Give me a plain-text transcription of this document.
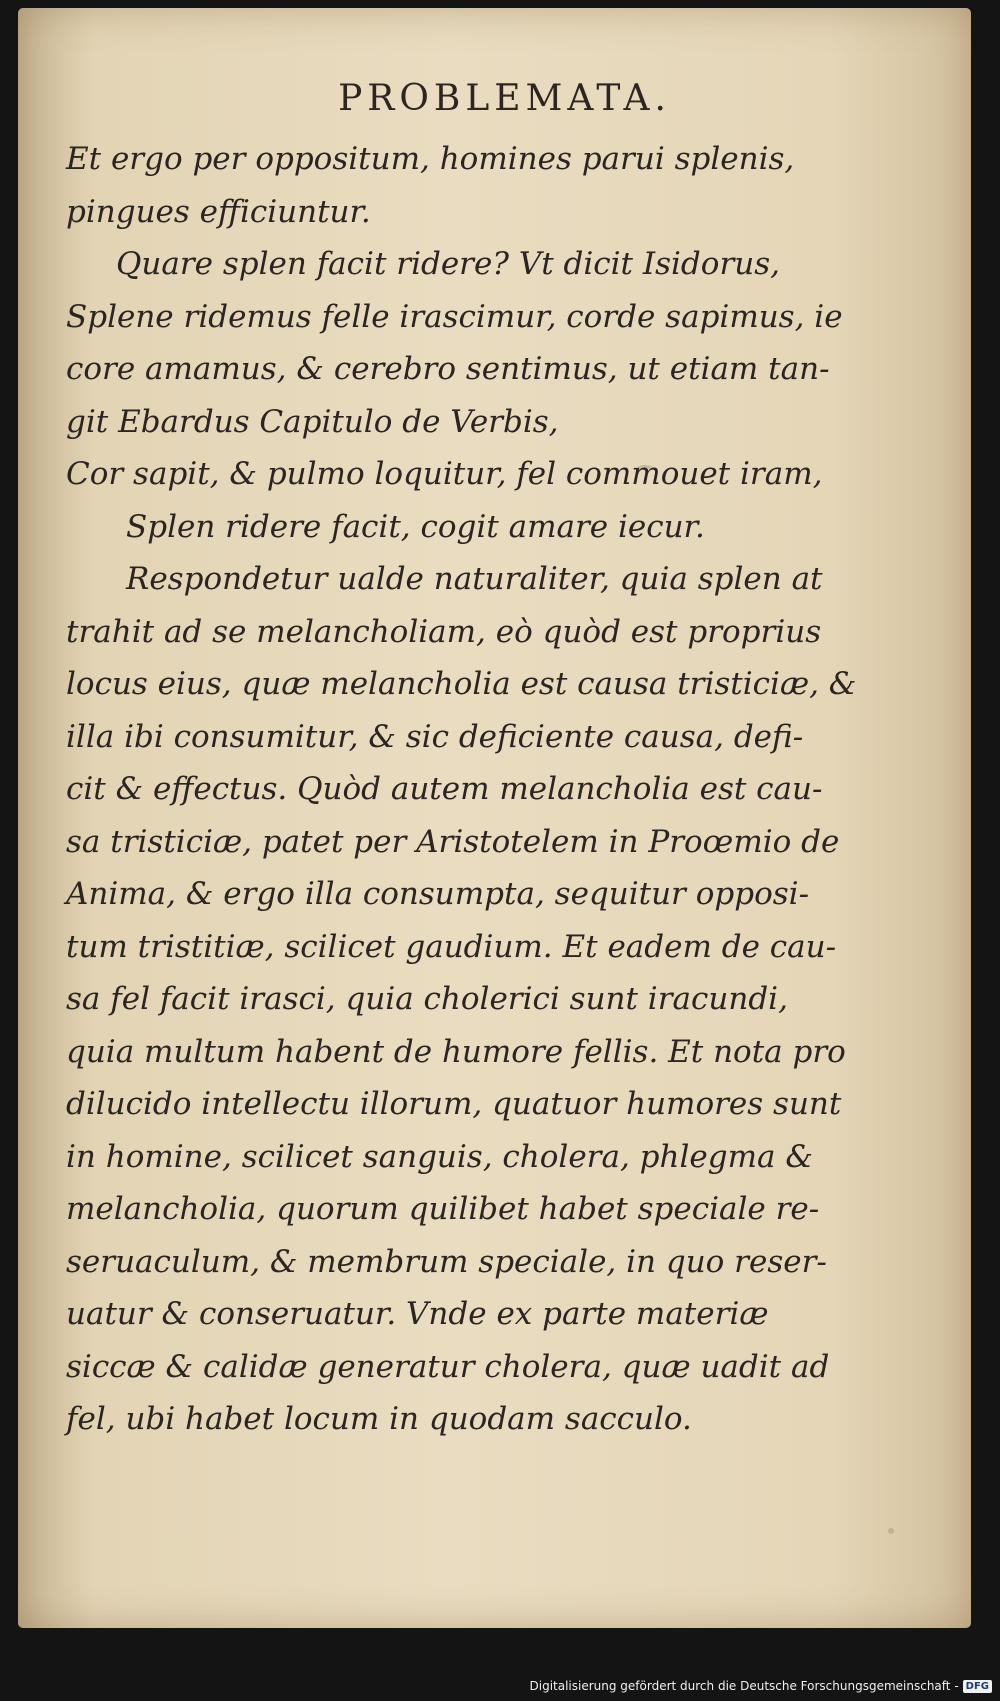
PROBLEMATA.
Et ergo per oppositum, homines parui splenis,
pingues efficiuntur.
Quare splen facit ridere? Vt dicit Isidorus,
Splene ridemus felle irascimur, corde sapimus, ie
core amamus, & cerebro sentimus, ut etiam tan-
git Ebardus Capitulo de Verbis,
Cor sapit, & pulmo loquitur, fel commouet iram,
Splen ridere facit, cogit amare iecur.
Respondetur ualde naturaliter, quia splen at
trahit ad se melancholiam, eò quòd est proprius
locus eius, quæ melancholia est causa tristiciæ, &
illa ibi consumitur, & sic deficiente causa, defi-
cit & effectus. Quòd autem melancholia est cau-
sa tristiciæ, patet per Aristotelem in Proœmio de
Anima, & ergo illa consumpta, sequitur opposi-
tum tristitiæ, scilicet gaudium. Et eadem de cau-
sa fel facit irasci, quia cholerici sunt iracundi,
quia multum habent de humore fellis. Et nota pro
dilucido intellectu illorum, quatuor humores sunt
in homine, scilicet sanguis, cholera, phlegma &
melancholia, quorum quilibet habet speciale re-
seruaculum, & membrum speciale, in quo reser-
uatur & conseruatur. Vnde ex parte materiæ
siccæ & calidæ generatur cholera, quæ uadit ad
fel, ubi habet locum in quodam sacculo.
Digitalisierung gefördert durch die Deutsche Forschungsgemeinschaft - DFG
